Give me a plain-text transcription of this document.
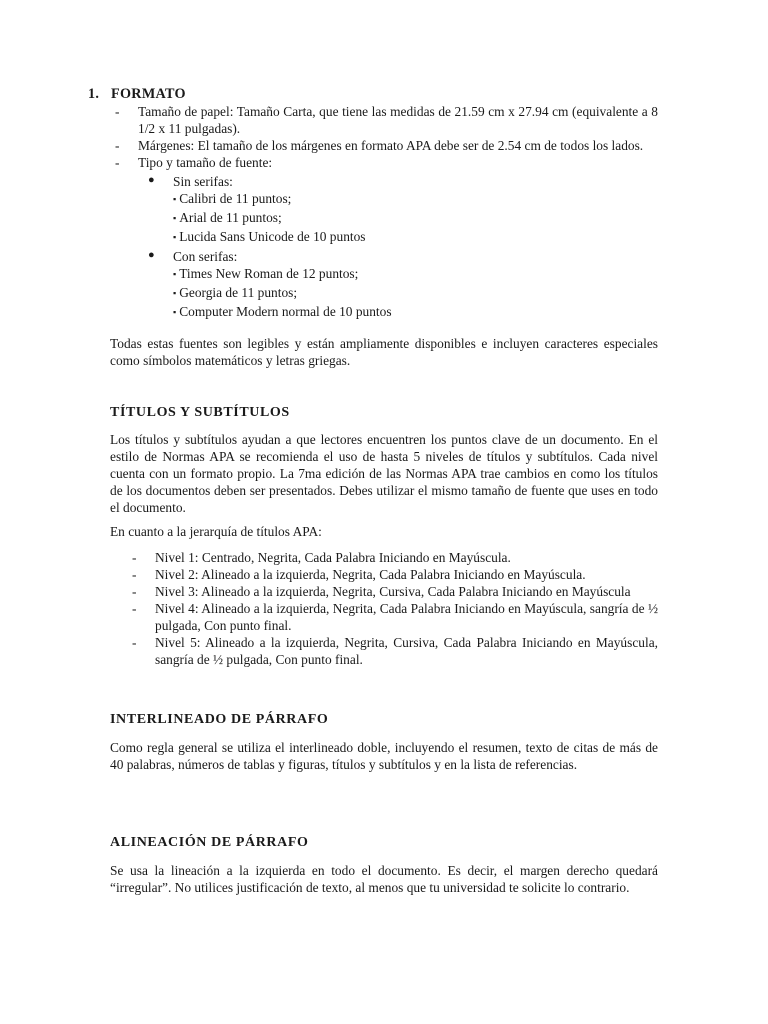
1. FORMATO
- Tamaño de papel: Tamaño Carta, que tiene las medidas de 21.59 cm x 27.94 cm (equivalente a 8 1/2 x 11 pulgadas).
- Márgenes: El tamaño de los márgenes en formato APA debe ser de 2.54 cm de todos los lados.
- Tipo y tamaño de fuente:
● Sin serifas:
▪ Calibri de 11 puntos;
▪ Arial de 11 puntos;
▪ Lucida Sans Unicode de 10 puntos
● Con serifas:
▪ Times New Roman de 12 puntos;
▪ Georgia de 11 puntos;
▪ Computer Modern normal de 10 puntos

Todas estas fuentes son legibles y están ampliamente disponibles e incluyen caracteres especiales como símbolos matemáticos y letras griegas.

TÍTULOS Y SUBTÍTULOS

Los títulos y subtítulos ayudan a que lectores encuentren los puntos clave de un documento. En el estilo de Normas APA se recomienda el uso de hasta 5 niveles de títulos y subtítulos. Cada nivel cuenta con un formato propio. La 7ma edición de las Normas APA trae cambios en como los títulos de los documentos deben ser presentados. Debes utilizar el mismo tamaño de fuente que uses en todo el documento.

En cuanto a la jerarquía de títulos APA:

- Nivel 1: Centrado, Negrita, Cada Palabra Iniciando en Mayúscula.
- Nivel 2: Alineado a la izquierda, Negrita, Cada Palabra Iniciando en Mayúscula.
- Nivel 3: Alineado a la izquierda, Negrita, Cursiva, Cada Palabra Iniciando en Mayúscula
- Nivel 4: Alineado a la izquierda, Negrita, Cada Palabra Iniciando en Mayúscula, sangría de ½ pulgada, Con punto final.
- Nivel 5: Alineado a la izquierda, Negrita, Cursiva, Cada Palabra Iniciando en Mayúscula, sangría de ½ pulgada, Con punto final.
INTERLINEADO DE PÁRRAFO

Como regla general se utiliza el interlineado doble, incluyendo el resumen, texto de citas de más de 40 palabras, números de tablas y figuras, títulos y subtítulos y en la lista de referencias.

ALINEACIÓN DE PÁRRAFO

Se usa la lineación a la izquierda en todo el documento. Es decir, el margen derecho quedará “irregular”. No utilices justificación de texto, al menos que tu universidad te solicite lo contrario.
